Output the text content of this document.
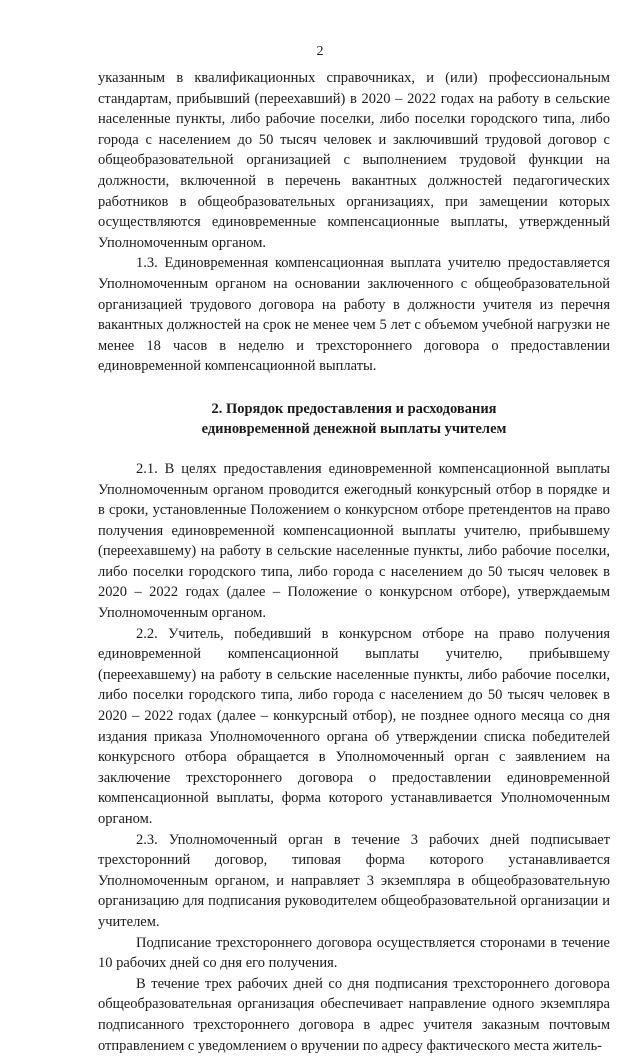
2

указанным в квалификационных справочниках, и (или) профессиональным стандартам, прибывший (переехавший) в 2020 – 2022 годах на работу в сельские населенные пункты, либо рабочие поселки, либо поселки городского типа, либо города с населением до 50 тысяч человек и заключивший трудовой договор с общеобразовательной организацией с выполнением трудовой функции на должности, включенной в перечень вакантных должностей педагогических работников в общеобразовательных организациях, при замещении которых осуществляются единовременные компенсационные выплаты, утвержденный Уполномоченным органом.

1.3. Единовременная компенсационная выплата учителю предоставляется Уполномоченным органом на основании заключенного с общеобразовательной организацией трудового договора на работу в должности учителя из перечня вакантных должностей на срок не менее чем 5 лет с объемом учебной нагрузки не менее 18 часов в неделю и трехстороннего договора о предоставлении единовременной компенсационной выплаты.

2. Порядок предоставления и расходования
единовременной денежной выплаты учителем

2.1. В целях предоставления единовременной компенсационной выплаты Уполномоченным органом проводится ежегодный конкурсный отбор в порядке и в сроки, установленные Положением о конкурсном отборе претендентов на право получения единовременной компенсационной выплаты учителю, прибывшему (переехавшему) на работу в сельские населенные пункты, либо рабочие поселки, либо поселки городского типа, либо города с населением до 50 тысяч человек в 2020 – 2022 годах (далее – Положение о конкурсном отборе), утверждаемым Уполномоченным органом.

2.2. Учитель, победивший в конкурсном отборе на право получения единовременной компенсационной выплаты учителю, прибывшему (переехавшему) на работу в сельские населенные пункты, либо рабочие поселки, либо поселки городского типа, либо города с населением до 50 тысяч человек в 2020 – 2022 годах (далее – конкурсный отбор), не позднее одного месяца со дня издания приказа Уполномоченного органа об утверждении списка победителей конкурсного отбора обращается в Уполномоченный орган с заявлением на заключение трехстороннего договора о предоставлении единовременной компенсационной выплаты, форма которого устанавливается Уполномоченным органом.

2.3. Уполномоченный орган в течение 3 рабочих дней подписывает трехсторонний договор, типовая форма которого устанавливается Уполномоченным органом, и направляет 3 экземпляра в общеобразовательную организацию для подписания руководителем общеобразовательной организации и учителем.

Подписание трехстороннего договора осуществляется сторонами в течение 10 рабочих дней со дня его получения.

В течение трех рабочих дней со дня подписания трехстороннего договора общеобразовательная организация обеспечивает направление одного экземпляра подписанного трехстороннего договора в адрес учителя заказным почтовым отправлением с уведомлением о вручении по адресу фактического места житель-
